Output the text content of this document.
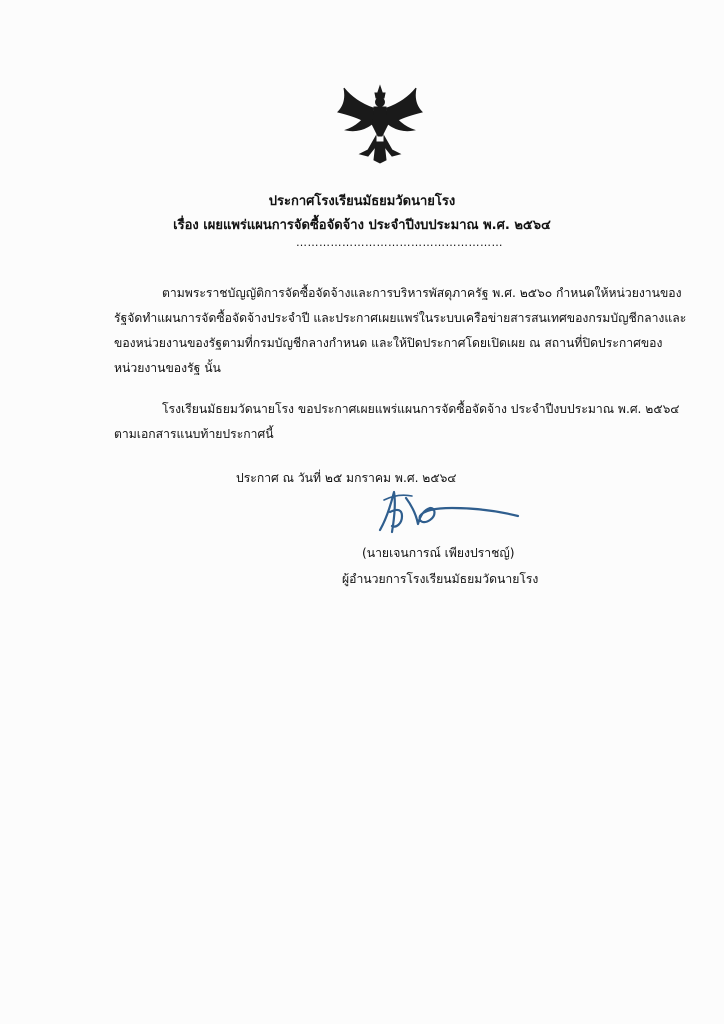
ประกาศโรงเรียนมัธยมวัดนายโรง
เรื่อง เผยแพร่แผนการจัดซื้อจัดจ้าง ประจำปีงบประมาณ พ.ศ. ๒๕๖๔
………………………………………………
ตามพระราชบัญญัติการจัดซื้อจัดจ้างและการบริหารพัสดุภาครัฐ พ.ศ. ๒๕๖๐ กำหนดให้หน่วยงานของ
รัฐจัดทำแผนการจัดซื้อจัดจ้างประจำปี และประกาศเผยแพร่ในระบบเครือข่ายสารสนเทศของกรมบัญชีกลางและ
ของหน่วยงานของรัฐตามที่กรมบัญชีกลางกำหนด และให้ปิดประกาศโดยเปิดเผย ณ สถานที่ปิดประกาศของ
หน่วยงานของรัฐ นั้น
โรงเรียนมัธยมวัดนายโรง ขอประกาศเผยแพร่แผนการจัดซื้อจัดจ้าง ประจำปีงบประมาณ พ.ศ. ๒๕๖๔
ตามเอกสารแนบท้ายประกาศนี้
ประกาศ ณ วันที่ ๒๕ มกราคม พ.ศ. ๒๕๖๔
(นายเจนการณ์ เพียงปราชญ์)
ผู้อำนวยการโรงเรียนมัธยมวัดนายโรง
